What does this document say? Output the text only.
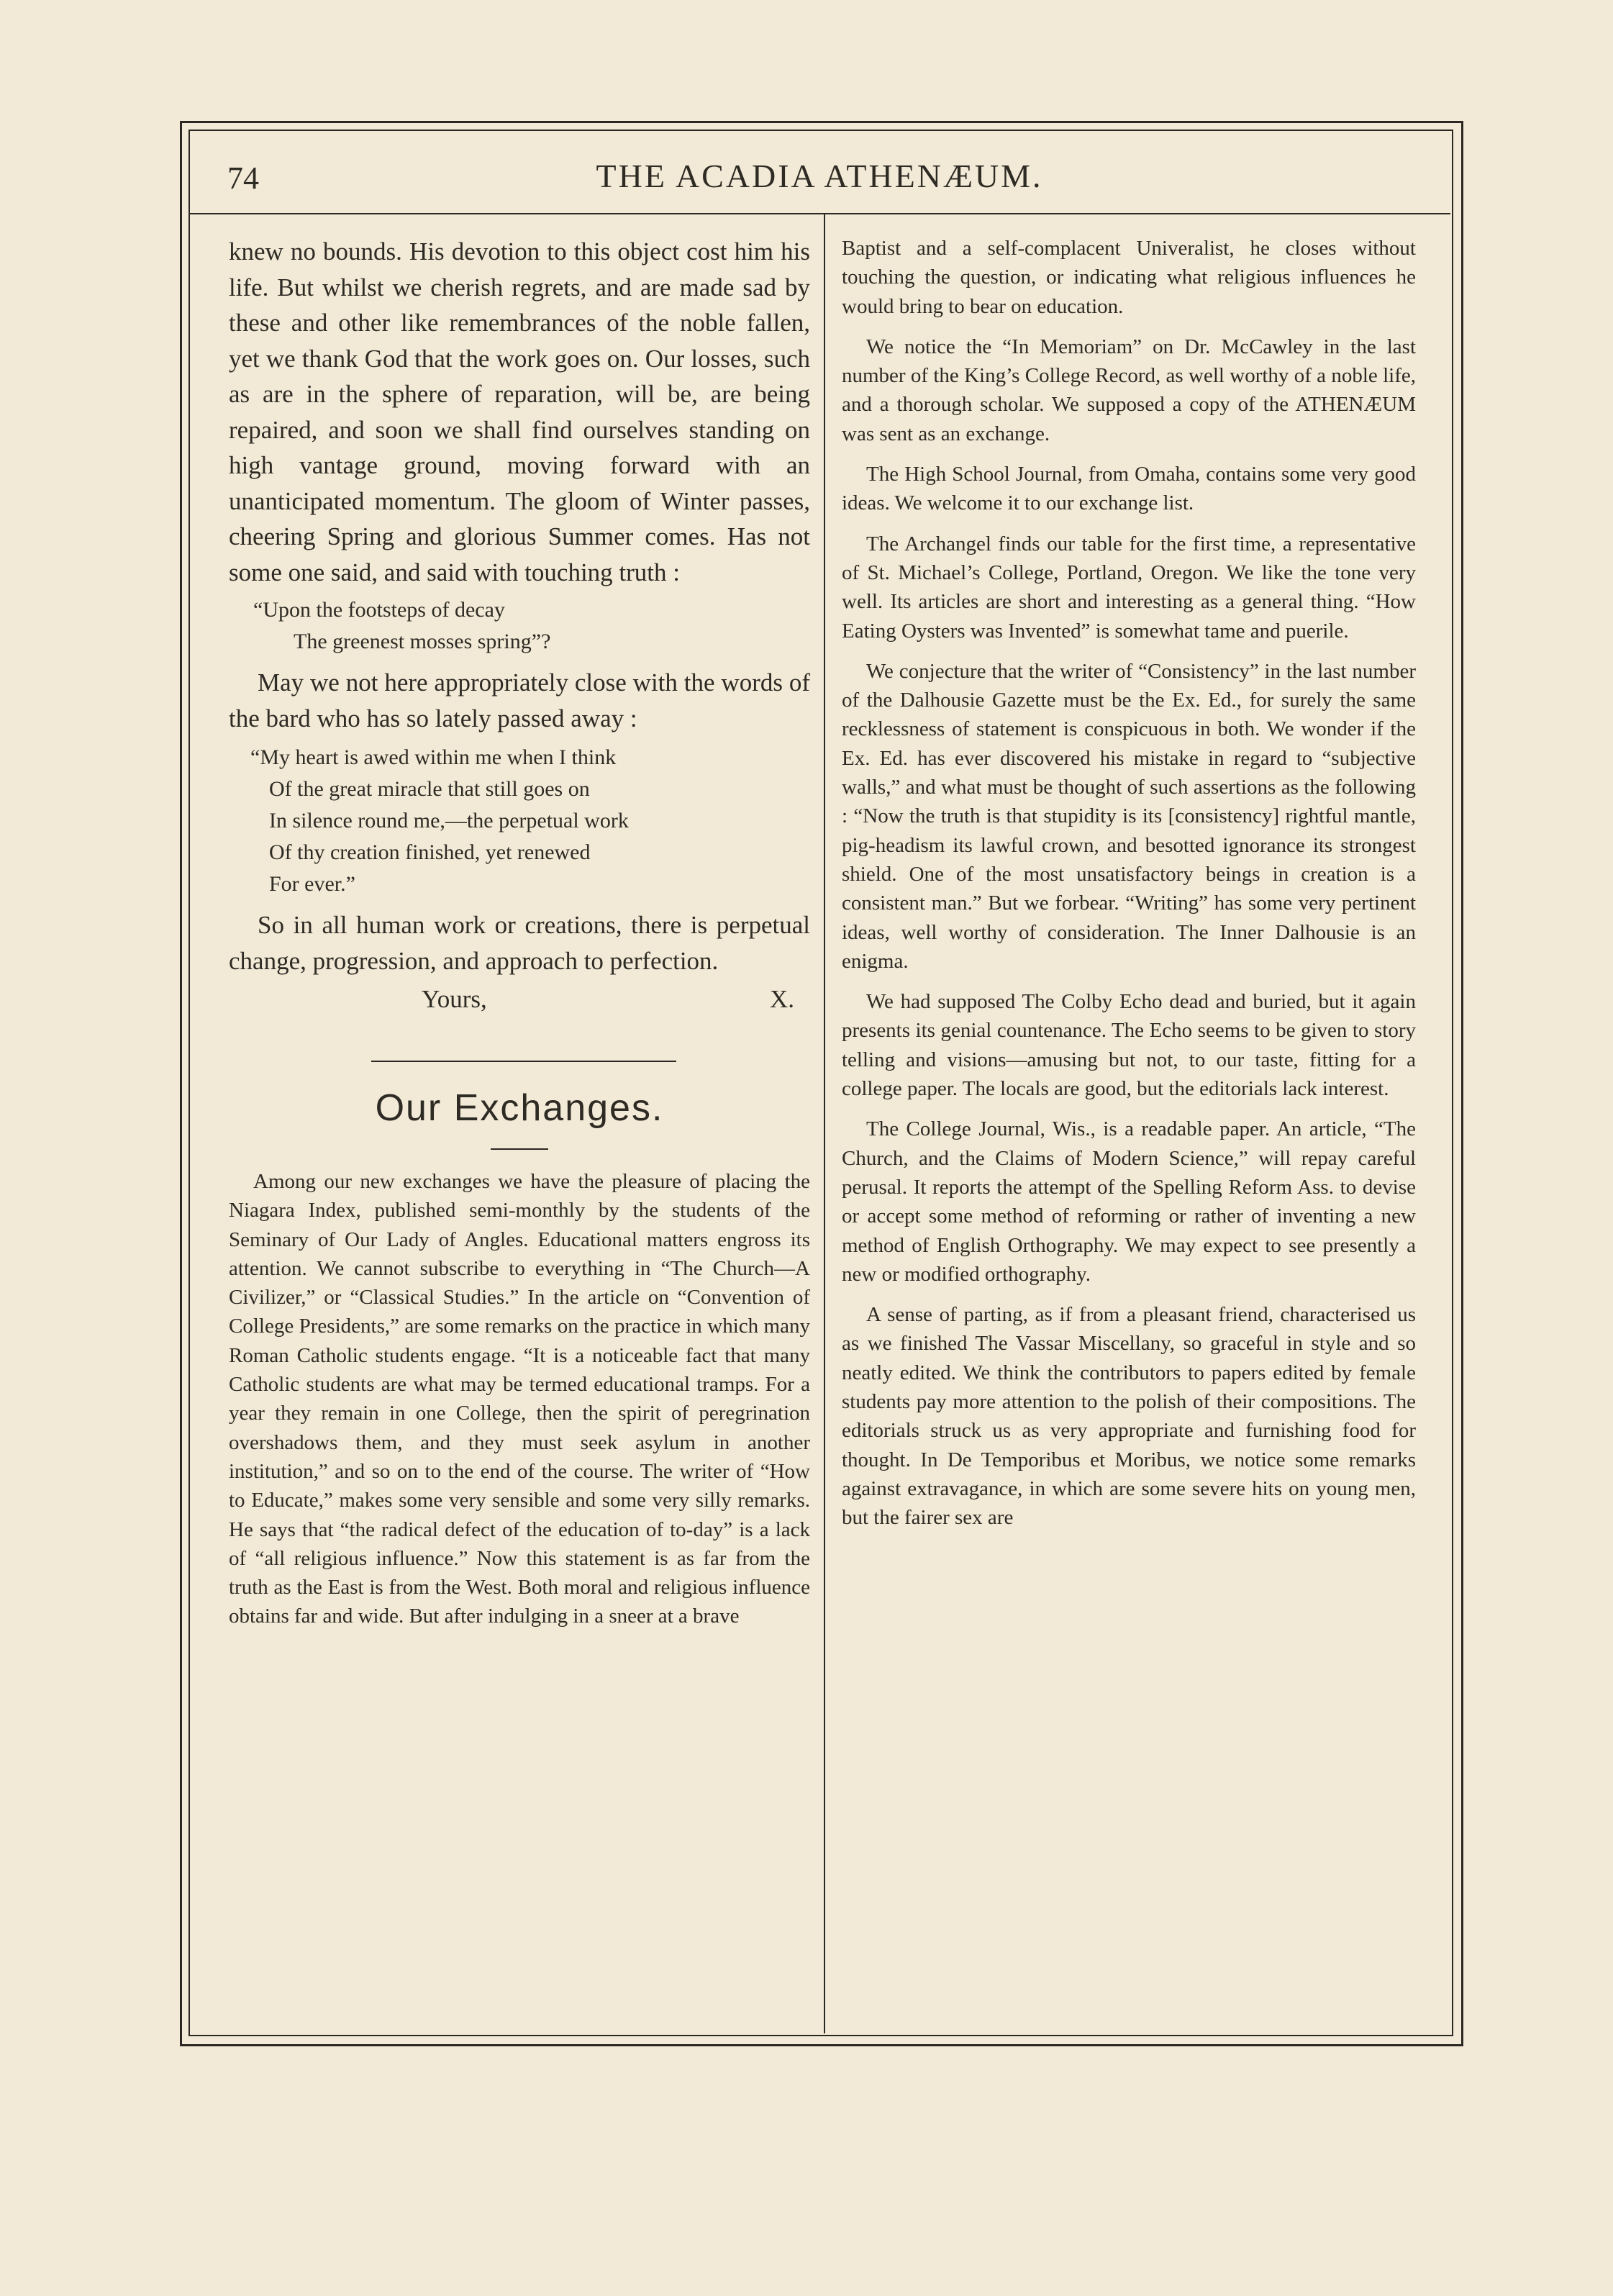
74	THE ACADIA ATHENÆUM.

knew no bounds. His devotion to this object cost him his life. But whilst we cherish regrets, and are made sad by these and other like remembrances of the noble fallen, yet we thank God that the work goes on. Our losses, such as are in the sphere of reparation, will be, are being repaired, and soon we shall find ourselves standing on high vantage ground, moving forward with an unanticipated momentum. The gloom of Winter passes, cheering Spring and glorious Summer comes. Has not some one said, and said with touching truth :

“Upon the footsteps of decay
The greenest mosses spring”?

May we not here appropriately close with the words of the bard who has so lately passed away :

“My heart is awed within me when I think
Of the great miracle that still goes on
In silence round me,—the perpetual work
Of thy creation finished, yet renewed
For ever.”

So in all human work or creations, there is perpetual change, progression, and approach to perfection.

Yours,	X.
Our Exchanges.

Among our new exchanges we have the pleasure of placing the Niagara Index, published semi-monthly by the students of the Seminary of Our Lady of Angles. Educational matters engross its attention. We cannot subscribe to everything in “The Church—A Civilizer,” or “Classical Studies.” In the article on “Convention of College Presidents,” are some remarks on the practice in which many Roman Catholic students engage. “It is a noticeable fact that many Catholic students are what may be termed educational tramps. For a year they remain in one College, then the spirit of peregrination overshadows them, and they must seek asylum in another institution,” and so on to the end of the course. The writer of “How to Educate,” makes some very sensible and some very silly remarks. He says that “the radical defect of the education of to-day” is a lack of “all religious influence.” Now this statement is as far from the truth as the East is from the West. Both moral and religious influence obtains far and wide. But after indulging in a sneer at a brave

Baptist and a self-complacent Univeralist, he closes without touching the question, or indicating what religious influences he would bring to bear on education.

We notice the “In Memoriam” on Dr. McCawley in the last number of the King’s College Record, as well worthy of a noble life, and a thorough scholar. We supposed a copy of the ATHENÆUM was sent as an exchange.

The High School Journal, from Omaha, contains some very good ideas. We welcome it to our exchange list.

The Archangel finds our table for the first time, a representative of St. Michael’s College, Portland, Oregon. We like the tone very well. Its articles are short and interesting as a general thing. “How Eating Oysters was Invented” is somewhat tame and puerile.

We conjecture that the writer of “Consistency” in the last number of the Dalhousie Gazette must be the Ex. Ed., for surely the same recklessness of statement is conspicuous in both. We wonder if the Ex. Ed. has ever discovered his mistake in regard to “subjective walls,” and what must be thought of such assertions as the following : “Now the truth is that stupidity is its [consistency] rightful mantle, pig-headism its lawful crown, and besotted ignorance its strongest shield. One of the most unsatisfactory beings in creation is a consistent man.” But we forbear. “Writing” has some very pertinent ideas, well worthy of consideration. The Inner Dalhousie is an enigma.

We had supposed The Colby Echo dead and buried, but it again presents its genial countenance. The Echo seems to be given to story telling and visions—amusing but not, to our taste, fitting for a college paper. The locals are good, but the editorials lack interest.

The College Journal, Wis., is a readable paper. An article, “The Church, and the Claims of Modern Science,” will repay careful perusal. It reports the attempt of the Spelling Reform Ass. to devise or accept some method of reforming or rather of inventing a new method of English Orthography. We may expect to see presently a new or modified orthography.

A sense of parting, as if from a pleasant friend, characterised us as we finished The Vassar Miscellany, so graceful in style and so neatly edited. We think the contributors to papers edited by female students pay more attention to the polish of their compositions. The editorials struck us as very appropriate and furnishing food for thought. In De Temporibus et Moribus, we notice some remarks against extravagance, in which are some severe hits on young men, but the fairer sex are
